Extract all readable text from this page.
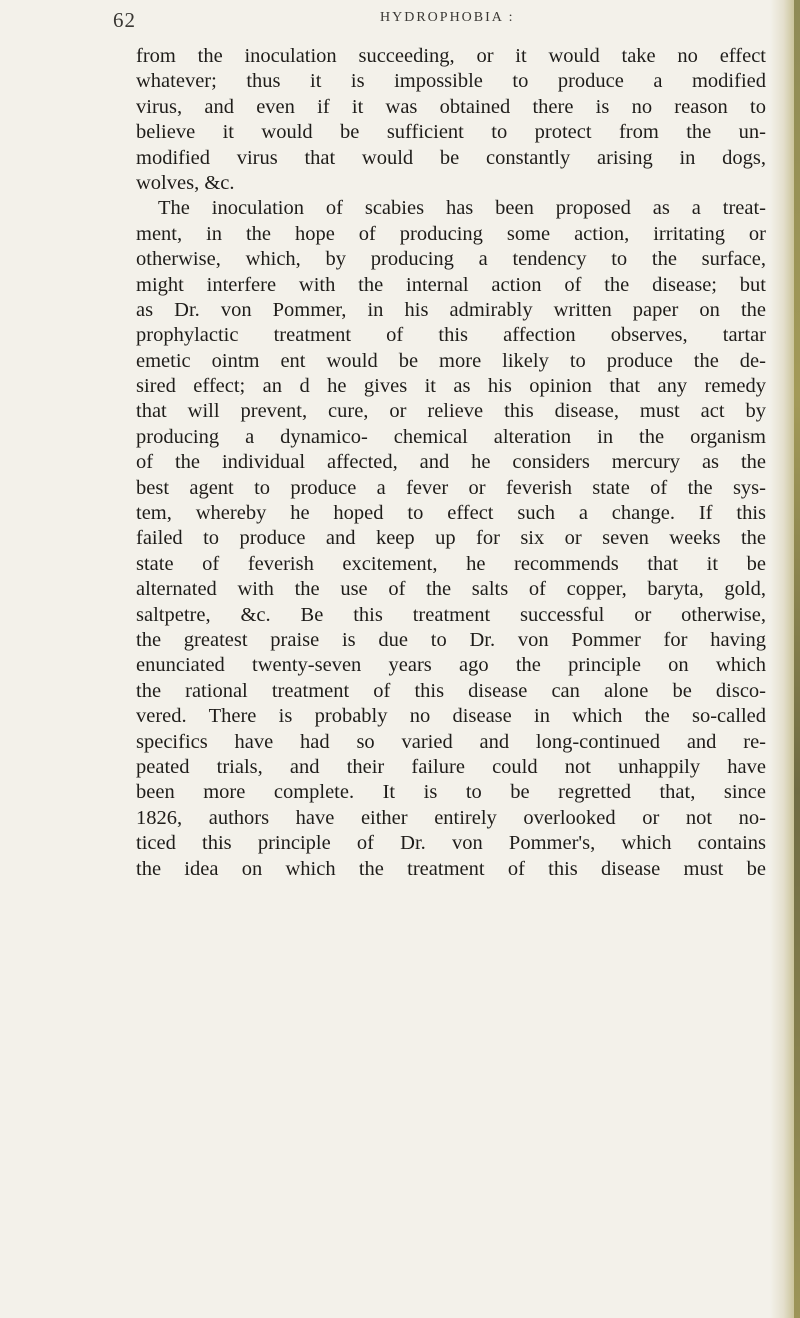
62	HYDROPHOBIA :
from the inoculation succeeding, or it would take no effect
whatever; thus it is impossible to produce a modified
virus, and even if it was obtained there is no reason to
believe it would be sufficient to protect from the un-
modified virus that would be constantly arising in dogs,
wolves, &c.
The inoculation of scabies has been proposed as a treat-
ment, in the hope of producing some action, irritating or
otherwise, which, by producing a tendency to the surface,
might interfere with the internal action of the disease; but
as Dr. von Pommer, in his admirably written paper on the
prophylactic treatment of this affection observes, tartar
emetic ointm ent would be more likely to produce the de-
sired effect; an d he gives it as his opinion that any remedy
that will prevent, cure, or relieve this disease, must act by
producing a dynamico- chemical alteration in the organism
of the individual affected, and he considers mercury as the
best agent to produce a fever or feverish state of the sys-
tem, whereby he hoped to effect such a change. If this
failed to produce and keep up for six or seven weeks the
state of feverish excitement, he recommends that it be
alternated with the use of the salts of copper, baryta, gold,
saltpetre, &c. Be this treatment successful or otherwise,
the greatest praise is due to Dr. von Pommer for having
enunciated twenty-seven years ago the principle on which
the rational treatment of this disease can alone be disco-
vered. There is probably no disease in which the so-called
specifics have had so varied and long-continued and re-
peated trials, and their failure could not unhappily have
been more complete. It is to be regretted that, since
1826, authors have either entirely overlooked or not no-
ticed this principle of Dr. von Pommer's, which contains
the idea on which the treatment of this disease must be
